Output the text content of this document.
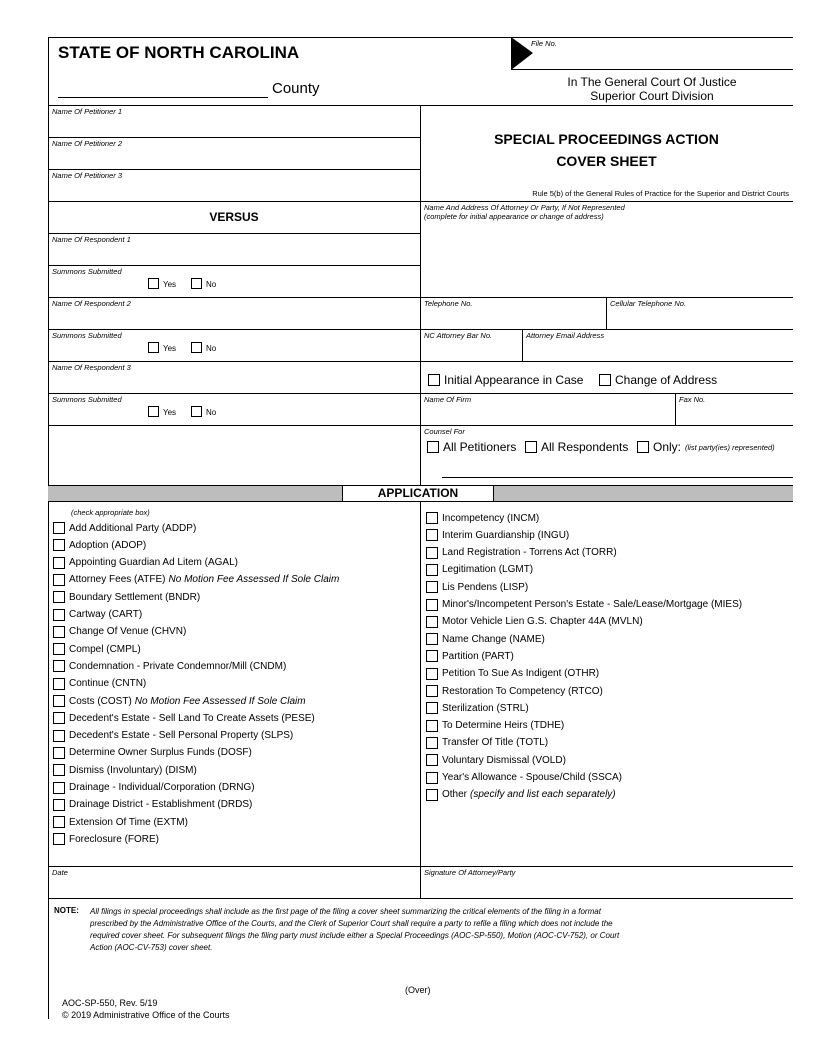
STATE OF NORTH CAROLINA
County
File No.
In The General Court Of Justice
Superior Court Division
Name Of Petitioner 1
Name Of Petitioner 2
Name Of Petitioner 3
VERSUS
Name Of Respondent 1
Summons Submitted
Yes	No
Name Of Respondent 2
Summons Submitted
Yes	No
Name Of Respondent 3
Summons Submitted
Yes	No
SPECIAL PROCEEDINGS ACTION
COVER SHEET
Rule 5(b) of the General Rules of Practice for the Superior and District Courts
Name And Address Of Attorney Or Party, If Not Represented
(complete for initial appearance or change of address)
Telephone No.	Cellular Telephone No.
NC Attorney Bar No.	Attorney Email Address
Initial Appearance in Case	Change of Address
Name Of Firm	Fax No.
Counsel For
All Petitioners All Respondents Only: (list party(ies) represented)
APPLICATION
(check appropriate box)
Add Additional Party (ADDP)
Adoption (ADOP)
Appointing Guardian Ad Litem (AGAL)
Attorney Fees (ATFE) No Motion Fee Assessed If Sole Claim
Boundary Settlement (BNDR)
Cartway (CART)
Change Of Venue (CHVN)
Compel (CMPL)
Condemnation - Private Condemnor/Mill (CNDM)
Continue (CNTN)
Costs (COST) No Motion Fee Assessed If Sole Claim
Decedent's Estate - Sell Land To Create Assets (PESE)
Decedent's Estate - Sell Personal Property (SLPS)
Determine Owner Surplus Funds (DOSF)
Dismiss (Involuntary) (DISM)
Drainage - Individual/Corporation (DRNG)
Drainage District - Establishment (DRDS)
Extension Of Time (EXTM)
Foreclosure (FORE)
Incompetency (INCM)
Interim Guardianship (INGU)
Land Registration - Torrens Act (TORR)
Legitimation (LGMT)
Lis Pendens (LISP)
Minor's/Incompetent Person's Estate - Sale/Lease/Mortgage (MIES)
Motor Vehicle Lien G.S. Chapter 44A (MVLN)
Name Change (NAME)
Partition (PART)
Petition To Sue As Indigent (OTHR)
Restoration To Competency (RTCO)
Sterilization (STRL)
To Determine Heirs (TDHE)
Transfer Of Title (TOTL)
Voluntary Dismissal (VOLD)
Year's Allowance - Spouse/Child (SSCA)
Other (specify and list each separately)
Date	Signature Of Attorney/Party
NOTE: All filings in special proceedings shall include as the first page of the filing a cover sheet summarizing the critical elements of the filing in a format
prescribed by the Administrative Office of the Courts, and the Clerk of Superior Court shall require a party to refile a filing which does not include the
required cover sheet. For subsequent filings the filing party must include either a Special Proceedings (AOC-SP-550), Motion (AOC-CV-752), or Court
Action (AOC-CV-753) cover sheet.
(Over)
AOC-SP-550, Rev. 5/19
© 2019 Administrative Office of the Courts
